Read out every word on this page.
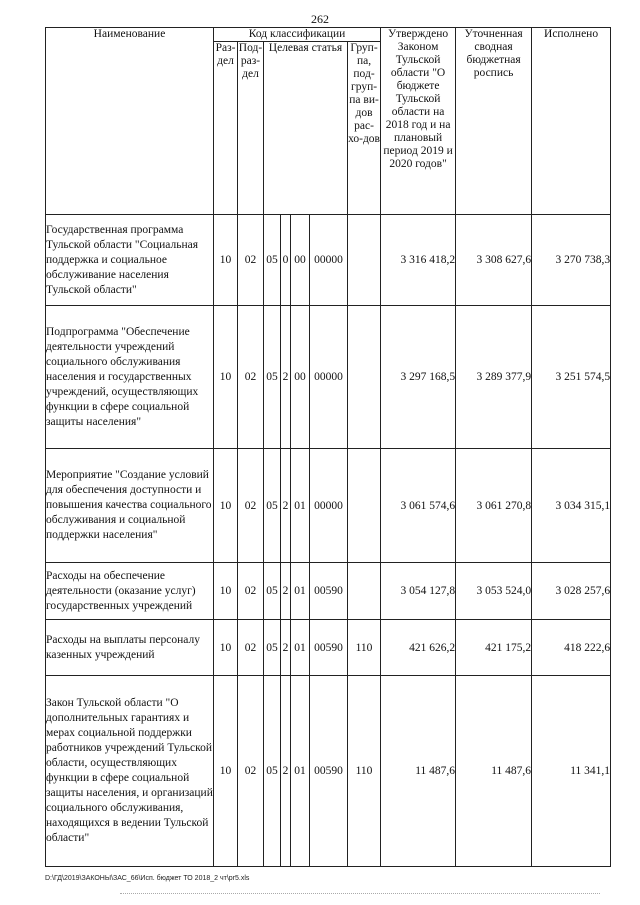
262
Наименование	Код классификации							Утверждено Законом Тульской области "О бюджете Тульской области на 2018 год и на плановый период 2019 и 2020 годов"	Уточненная сводная бюджетная роспись	Исполнено
	Раз-дел	Под-раз-дел	Целевая статья				Груп-па, под-груп-па ви-дов рас-хо-дов			
Государственная программа Тульской области "Социальная поддержка и социальное обслуживание населения Тульской области"	10	02	05	0	00	00000		3 316 418,2	3 308 627,6	3 270 738,3
Подпрограмма "Обеспечение деятельности учреждений социального обслуживания населения и государственных учреждений, осуществляющих функции в сфере социальной защиты населения"	10	02	05	2	00	00000		3 297 168,5	3 289 377,9	3 251 574,5
Мероприятие "Создание условий для обеспечения доступности и повышения качества социального обслуживания и социальной поддержки населения"	10	02	05	2	01	00000		3 061 574,6	3 061 270,8	3 034 315,1
Расходы на обеспечение деятельности (оказание услуг) государственных учреждений	10	02	05	2	01	00590		3 054 127,8	3 053 524,0	3 028 257,6
Расходы на выплаты персоналу казенных учреждений	10	02	05	2	01	00590	110	421 626,2	421 175,2	418 222,6
Закон Тульской области "О дополнительных гарантиях и мерах социальной поддержки работников учреждений Тульской области, осуществляющих функции в сфере социальной защиты населения, и организаций социального обслуживания, находящихся в ведении Тульской области"	10	02	05	2	01	00590	110	11 487,6	11 487,6	11 341,1
D:\ГД\2019\ЗАКОНЫ\ЗАС_66\Исп. бюджет ТО 2018_2 чт\pr5.xls
